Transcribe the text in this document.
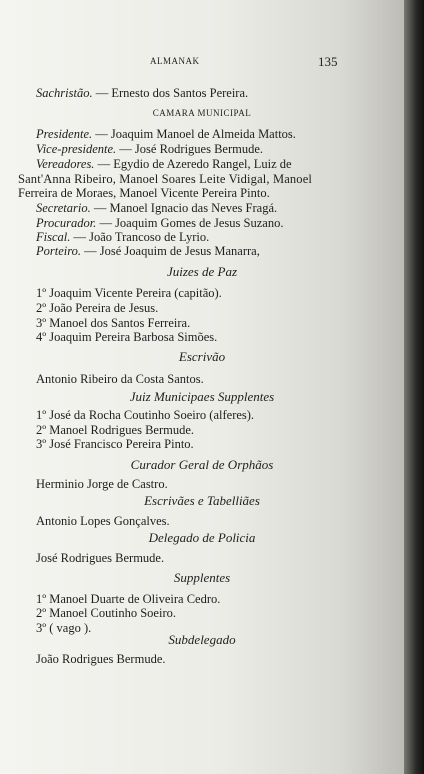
ALMANAK	135
Sachristão. — Ernesto dos Santos Pereira.
CAMARA MUNICIPAL
Presidente. — Joaquim Manoel de Almeida Mattos.
Vice-presidente. — José Rodrigues Bermude.
Vereadores. — Egydio de Azeredo Rangel, Luiz de
Sant'Anna Ribeiro, Manoel Soares Leite Vidigal, Manoel
Ferreira de Moraes, Manoel Vicente Pereira Pinto.
Secretario. — Manoel Ignacio das Neves Fragá.
Procurador. — Joaquim Gomes de Jesus Suzano.
Fiscal. — João Trancoso de Lyrio.
Porteiro. — José Joaquim de Jesus Manarra,
Juizes de Paz
1º Joaquim Vicente Pereira (capitão).
2º João Pereira de Jesus.
3º Manoel dos Santos Ferreira.
4º Joaquim Pereira Barbosa Simões.
Escrivão
Antonio Ribeiro da Costa Santos.
Juiz Municipaes Supplentes
1º José da Rocha Coutinho Soeiro (alferes).
2º Manoel Rodrigues Bermude.
3º José Francisco Pereira Pinto.
Curador Geral de Orphãos
Herminio Jorge de Castro.
Escrivães e Tabelliães
Antonio Lopes Gonçalves.
Delegado de Policia
José Rodrigues Bermude.
Supplentes
1º Manoel Duarte de Oliveira Cedro.
2º Manoel Coutinho Soeiro.
3º ( vago ).
Subdelegado
João Rodrigues Bermude.
